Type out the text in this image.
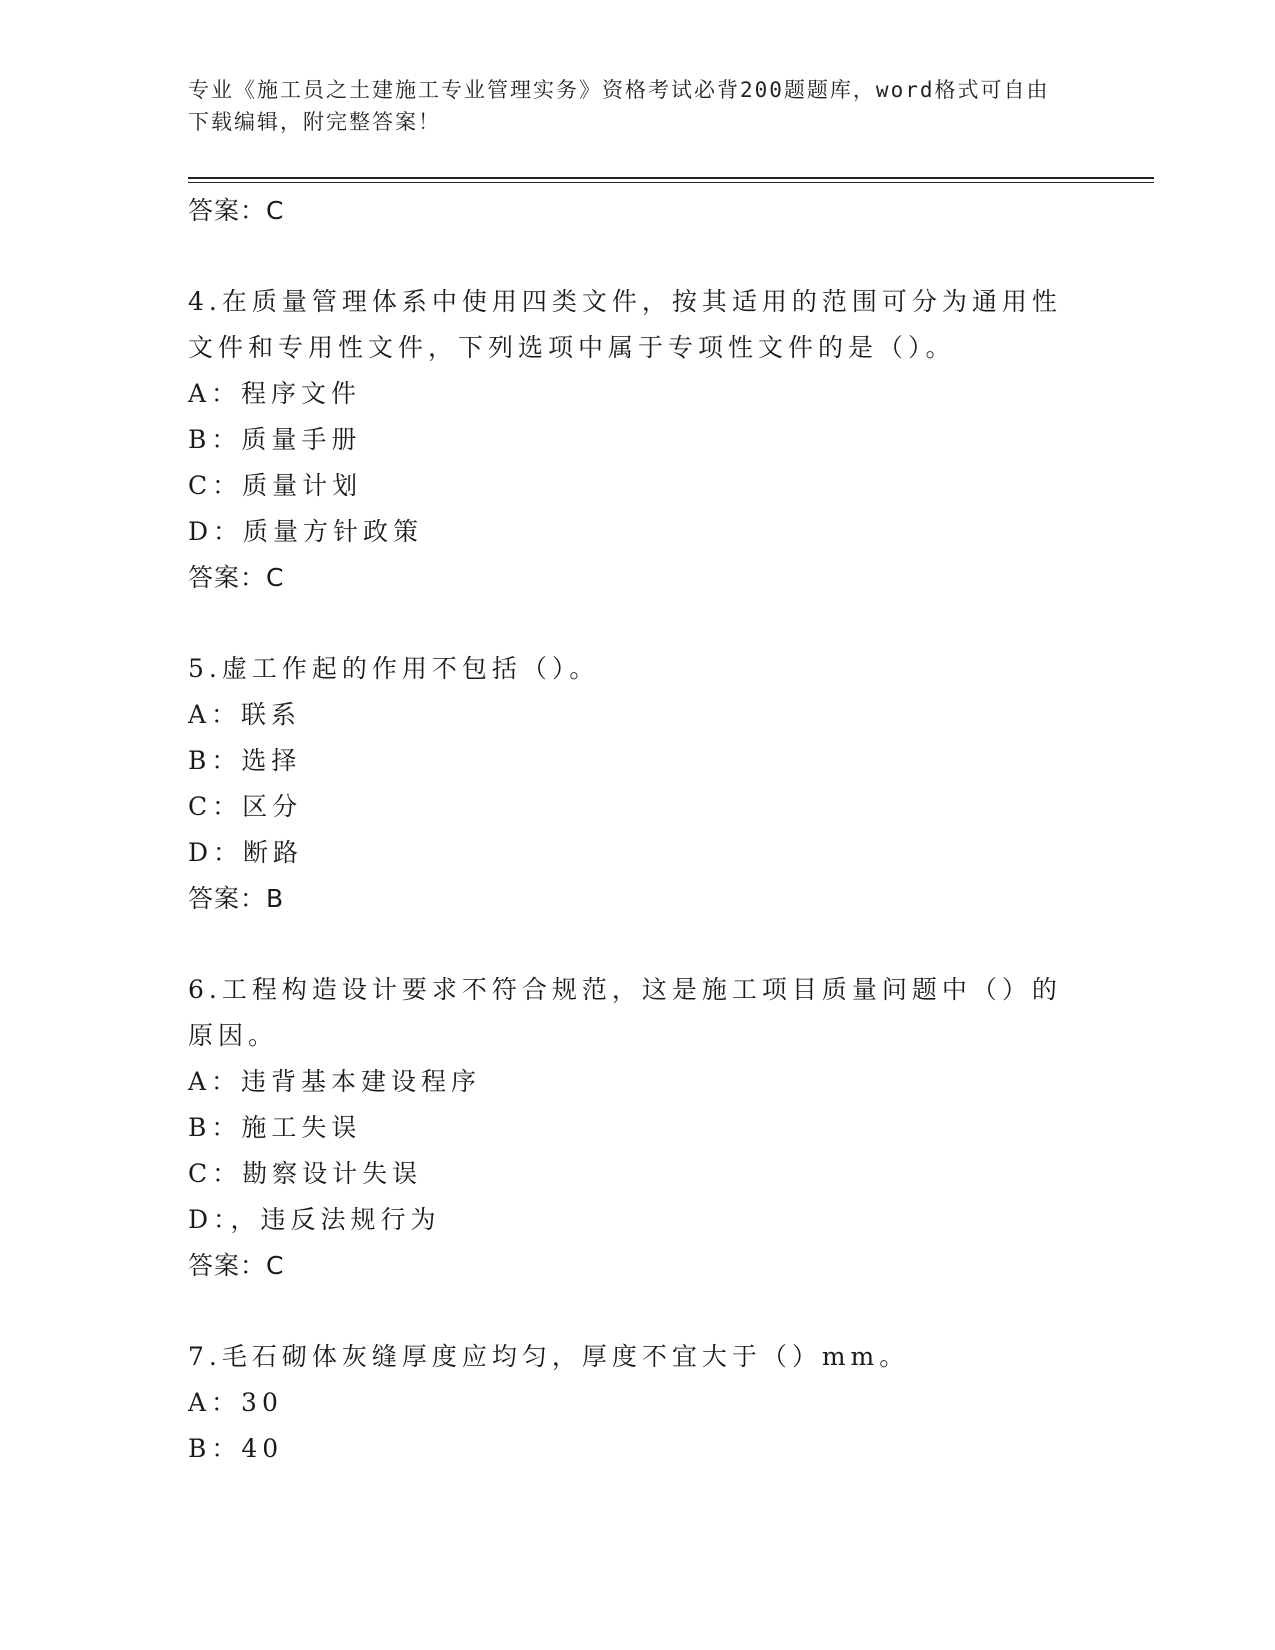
专业《施工员之土建施工专业管理实务》资格考试必背200题题库，word格式可自由下载编辑，附完整答案！
答案：C
4.在质量管理体系中使用四类文件，按其适用的范围可分为通用性文件和专用性文件，下列选项中属于专项性文件的是（）。
A：程序文件
B：质量手册
C：质量计划
D：质量方针政策
答案：C
5.虚工作起的作用不包括（）。
A：联系
B：选择
C：区分
D：断路
答案：B
6.工程构造设计要求不符合规范，这是施工项目质量问题中（）的原因。
A：违背基本建设程序
B：施工失误
C：勘察设计失误
D：，违反法规行为
答案：C
7.毛石砌体灰缝厚度应均匀，厚度不宜大于（）mm。
A：30
B：40
